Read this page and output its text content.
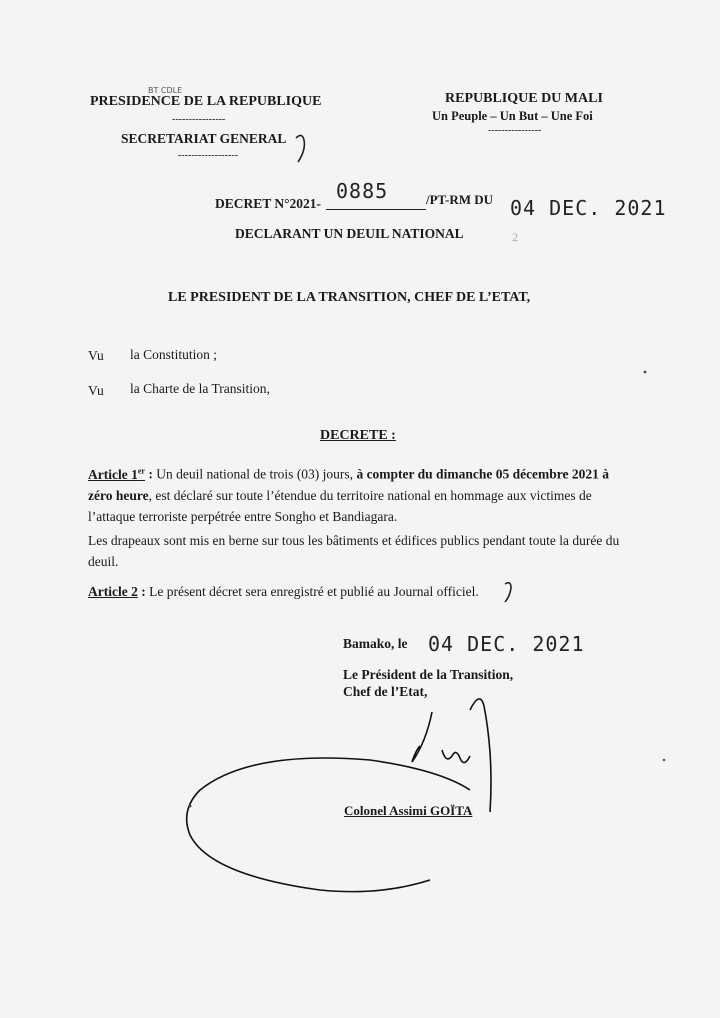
BT CDLE
PRESIDENCE DE LA REPUBLIQUE
----------------
SECRETARIAT GENERAL
------------------
REPUBLIQUE DU MALI
Un Peuple – Un But – Une Foi
----------------
DECRET N°2021-
0885	/PT-RM DU 04 DEC. 2021
DECLARANT UN DEUIL NATIONAL	2
LE PRESIDENT DE LA TRANSITION, CHEF DE L’ETAT,
Vu la Constitution ;
Vu la Charte de la Transition,
DECRETE :
Article 1er : Un deuil national de trois (03) jours, à compter du dimanche 05 décembre 2021 à zéro heure, est déclaré sur toute l’étendue du territoire national en hommage aux victimes de l’attaque terroriste perpétrée entre Songho et Bandiagara.
Les drapeaux sont mis en berne sur tous les bâtiments et édifices publics pendant toute la durée du deuil.
Article 2 : Le présent décret sera enregistré et publié au Journal officiel.
Bamako, le 04 DEC. 2021
Le Président de la Transition,
Chef de l’Etat,
Colonel Assimi GOÏTA
